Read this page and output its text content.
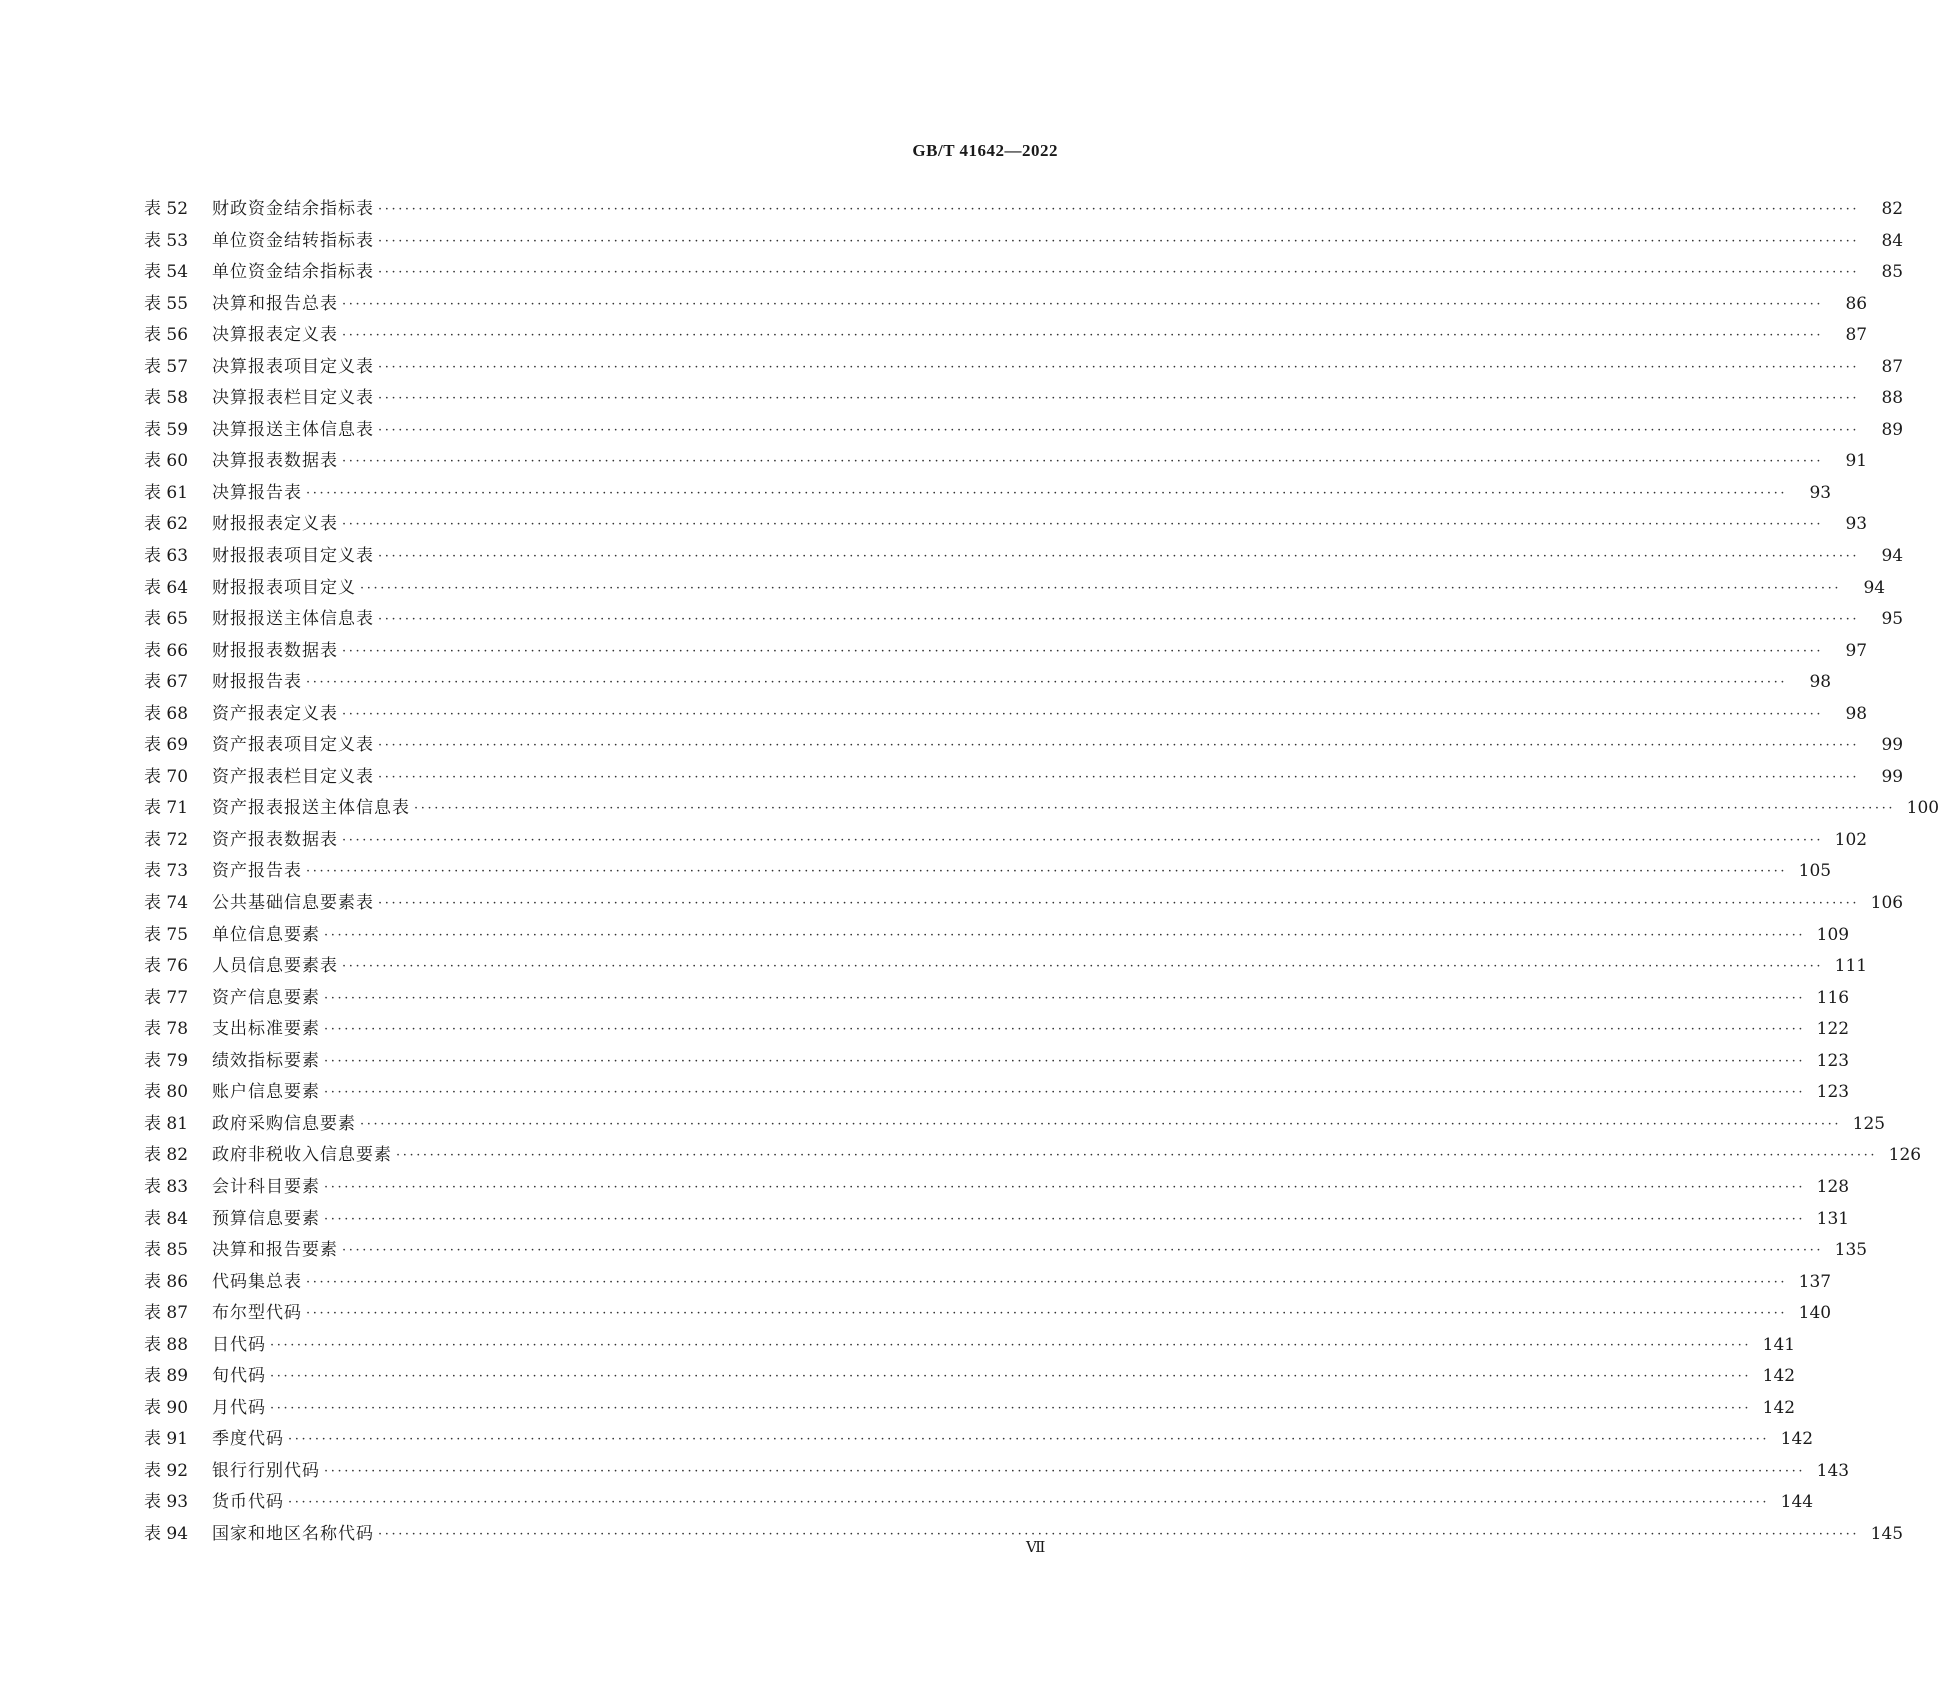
GB/T 41642—2022
表 52	财政资金结余指标表 ····························································································································································································································	82
表 53	单位资金结转指标表 ····························································································································································································································	84
表 54	单位资金结余指标表 ····························································································································································································································	85
表 55	决算和报告总表 ····························································································································································································································	86
表 56	决算报表定义表 ····························································································································································································································	87
表 57	决算报表项目定义表 ····························································································································································································································	87
表 58	决算报表栏目定义表 ····························································································································································································································	88
表 59	决算报送主体信息表 ····························································································································································································································	89
表 60	决算报表数据表 ····························································································································································································································	91
表 61	决算报告表 ····························································································································································································································	93
表 62	财报报表定义表 ····························································································································································································································	93
表 63	财报报表项目定义表 ····························································································································································································································	94
表 64	财报报表项目定义 ····························································································································································································································	94
表 65	财报报送主体信息表 ····························································································································································································································	95
表 66	财报报表数据表 ····························································································································································································································	97
表 67	财报报告表 ····························································································································································································································	98
表 68	资产报表定义表 ····························································································································································································································	98
表 69	资产报表项目定义表 ····························································································································································································································	99
表 70	资产报表栏目定义表 ····························································································································································································································	99
表 71	资产报表报送主体信息表 ···························································································································································································································· 100
表 72	资产报表数据表 ···························································································································································································································· 102
表 73	资产报告表 ···························································································································································································································· 105
表 74	公共基础信息要素表 ···························································································································································································································· 106
表 75	单位信息要素 ···························································································································································································································· 109
表 76	人员信息要素表 ···························································································································································································································· 111
表 77	资产信息要素 ···························································································································································································································· 116
表 78	支出标准要素 ···························································································································································································································· 122
表 79	绩效指标要素 ···························································································································································································································· 123
表 80	账户信息要素 ···························································································································································································································· 123
表 81	政府采购信息要素 ···························································································································································································································· 125
表 82	政府非税收入信息要素 ···························································································································································································································· 126
表 83	会计科目要素 ···························································································································································································································· 128
表 84	预算信息要素 ···························································································································································································································· 131
表 85	决算和报告要素 ···························································································································································································································· 135
表 86	代码集总表 ···························································································································································································································· 137
表 87	布尔型代码 ···························································································································································································································· 140
表 88	日代码 ···························································································································································································································· 141
表 89	旬代码 ···························································································································································································································· 142
表 90	月代码 ···························································································································································································································· 142
表 91	季度代码 ···························································································································································································································· 142
表 92	银行行别代码 ···························································································································································································································· 143
表 93	货币代码 ···························································································································································································································· 144
表 94	国家和地区名称代码 ···························································································································································································································· 145
Ⅶ
